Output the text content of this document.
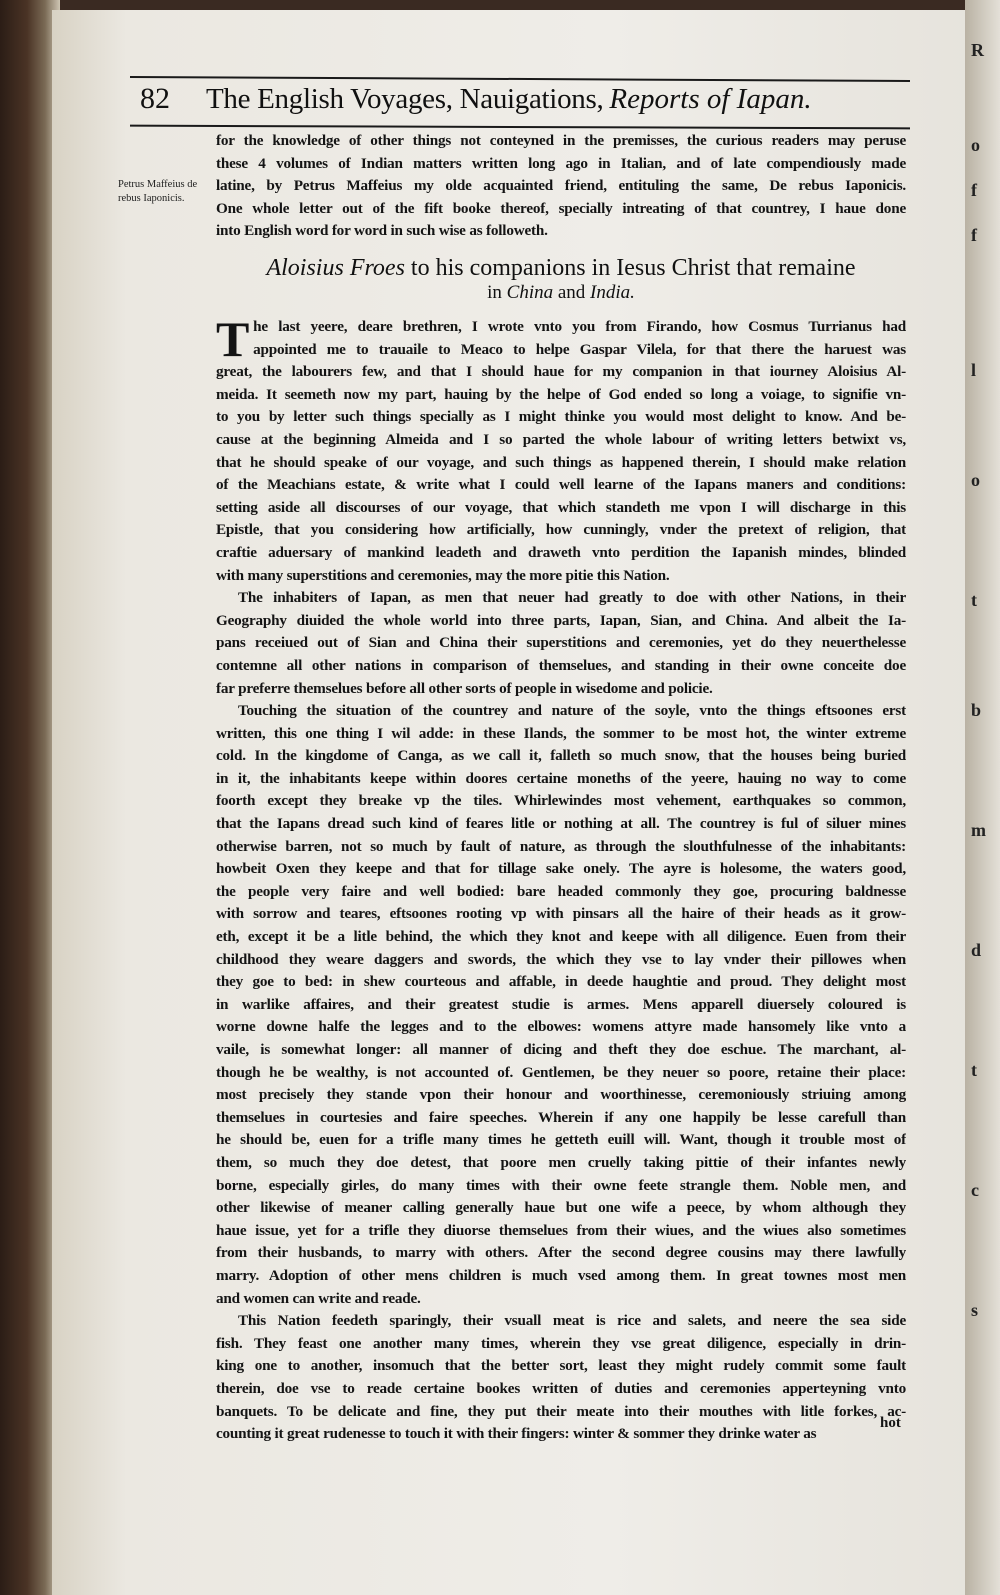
R
o
f
f
l
o
t
b
m
d
t
c
s
82 The English Voyages, Nauigations, Reports of Iapan.
Petrus Maffeius de rebus Iaponicis.
for the knowledge of other things not conteyned in the premisses, the curious readers may peruse
these 4 volumes of Indian matters written long ago in Italian, and of late compendiously made
latine, by Petrus Maffeius my olde acquainted friend, entituling the same, De rebus Iaponicis.
One whole letter out of the fift booke thereof, specially intreating of that countrey, I haue done
into English word for word in such wise as followeth.
Aloisius Froes to his companions in Iesus Christ that remaine
in China and India.
T he last yeere, deare brethren, I wrote vnto you from Firando, how Cosmus Turrianus had
appointed me to trauaile to Meaco to helpe Gaspar Vilela, for that there the haruest was
great, the labourers few, and that I should haue for my companion in that iourney Aloisius Al-
meida. It seemeth now my part, hauing by the helpe of God ended so long a voiage, to signifie vn-
to you by letter such things specially as I might thinke you would most delight to know. And be-
cause at the beginning Almeida and I so parted the whole labour of writing letters betwixt vs,
that he should speake of our voyage, and such things as happened therein, I should make relation
of the Meachians estate, & write what I could well learne of the Iapans maners and conditions:
setting aside all discourses of our voyage, that which standeth me vpon I will discharge in this
Epistle, that you considering how artificially, how cunningly, vnder the pretext of religion, that
craftie aduersary of mankind leadeth and draweth vnto perdition the Iapanish mindes, blinded
with many superstitions and ceremonies, may the more pitie this Nation.
The inhabiters of Iapan, as men that neuer had greatly to doe with other Nations, in their
Geography diuided the whole world into three parts, Iapan, Sian, and China. And albeit the Ia-
pans receiued out of Sian and China their superstitions and ceremonies, yet do they neuerthelesse
contemne all other nations in comparison of themselues, and standing in their owne conceite doe
far preferre themselues before all other sorts of people in wisedome and policie.
Touching the situation of the countrey and nature of the soyle, vnto the things eftsoones erst
written, this one thing I wil adde: in these Ilands, the sommer to be most hot, the winter extreme
cold. In the kingdome of Canga, as we call it, falleth so much snow, that the houses being buried
in it, the inhabitants keepe within doores certaine moneths of the yeere, hauing no way to come
foorth except they breake vp the tiles. Whirlewindes most vehement, earthquakes so common,
that the Iapans dread such kind of feares litle or nothing at all. The countrey is ful of siluer mines
otherwise barren, not so much by fault of nature, as through the slouthfulnesse of the inhabitants:
howbeit Oxen they keepe and that for tillage sake onely. The ayre is holesome, the waters good,
the people very faire and well bodied: bare headed commonly they goe, procuring baldnesse
with sorrow and teares, eftsoones rooting vp with pinsars all the haire of their heads as it grow-
eth, except it be a litle behind, the which they knot and keepe with all diligence. Euen from their
childhood they weare daggers and swords, the which they vse to lay vnder their pillowes when
they goe to bed: in shew courteous and affable, in deede haughtie and proud. They delight most
in warlike affaires, and their greatest studie is armes. Mens apparell diuersely coloured is
worne downe halfe the legges and to the elbowes: womens attyre made hansomely like vnto a
vaile, is somewhat longer: all manner of dicing and theft they doe eschue. The marchant, al-
though he be wealthy, is not accounted of. Gentlemen, be they neuer so poore, retaine their place:
most precisely they stande vpon their honour and woorthinesse, ceremoniously striuing among
themselues in courtesies and faire speeches. Wherein if any one happily be lesse carefull than
he should be, euen for a trifle many times he getteth euill will. Want, though it trouble most of
them, so much they doe detest, that poore men cruelly taking pittie of their infantes newly
borne, especially girles, do many times with their owne feete strangle them. Noble men, and
other likewise of meaner calling generally haue but one wife a peece, by whom although they
haue issue, yet for a trifle they diuorse themselues from their wiues, and the wiues also sometimes
from their husbands, to marry with others. After the second degree cousins may there lawfully
marry. Adoption of other mens children is much vsed among them. In great townes most men
and women can write and reade.
This Nation feedeth sparingly, their vsuall meat is rice and salets, and neere the sea side
fish. They feast one another many times, wherein they vse great diligence, especially in drin-
king one to another, insomuch that the better sort, least they might rudely commit some fault
therein, doe vse to reade certaine bookes written of duties and ceremonies apperteyning vnto
banquets. To be delicate and fine, they put their meate into their mouthes with litle forkes, ac-
counting it great rudenesse to touch it with their fingers: winter & sommer they drinke water as
hot
